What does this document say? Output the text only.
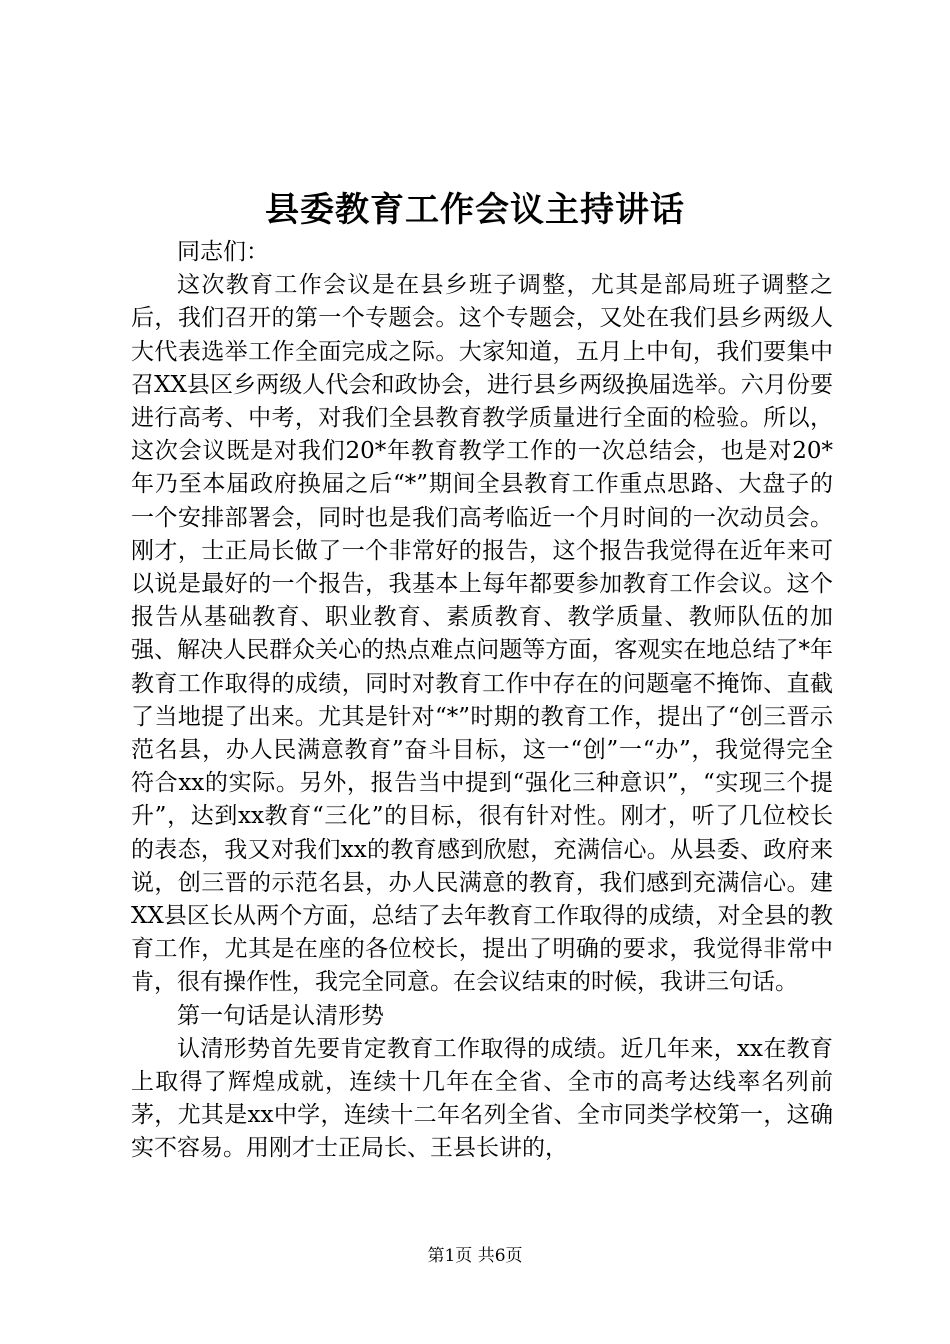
县委教育工作会议主持讲话

同志们：

这次教育工作会议是在县乡班子调整，尤其是部局班子调整之后，我们召开的第一个专题会。这个专题会，又处在我们县乡两级人大代表选举工作全面完成之际。大家知道，五月上中旬，我们要集中召XX县区乡两级人代会和政协会，进行县乡两级换届选举。六月份要进行高考、中考，对我们全县教育教学质量进行全面的检验。所以，这次会议既是对我们20*年教育教学工作的一次总结会，也是对20*年乃至本届政府换届之后“*”期间全县教育工作重点思路、大盘子的一个安排部署会，同时也是我们高考临近一个月时间的一次动员会。刚才，士正局长做了一个非常好的报告，这个报告我觉得在近年来可以说是最好的一个报告，我基本上每年都要参加教育工作会议。这个报告从基础教育、职业教育、素质教育、教学质量、教师队伍的加强、解决人民群众关心的热点难点问题等方面，客观实在地总结了*年教育工作取得的成绩，同时对教育工作中存在的问题毫不掩饰、直截了当地提了出来。尤其是针对“*”时期的教育工作，提出了“创三晋示范名县，办人民满意教育”奋斗目标，这一“创”一“办”，我觉得完全符合xx的实际。另外，报告当中提到“强化三种意识”，“实现三个提升”，达到xx教育“三化”的目标，很有针对性。刚才，听了几位校长的表态，我又对我们xx的教育感到欣慰，充满信心。从县委、政府来说，创三晋的示范名县，办人民满意的教育，我们感到充满信心。建XX县区长从两个方面，总结了去年教育工作取得的成绩，对全县的教育工作，尤其是在座的各位校长，提出了明确的要求，我觉得非常中肯，很有操作性，我完全同意。在会议结束的时候，我讲三句话。

第一句话是认清形势

认清形势首先要肯定教育工作取得的成绩。近几年来，xx在教育上取得了辉煌成就，连续十几年在全省、全市的高考达线率名列前茅，尤其是xx中学，连续十二年名列全省、全市同类学校第一，这确实不容易。用刚才士正局长、王县长讲的，

第1页 共6页
